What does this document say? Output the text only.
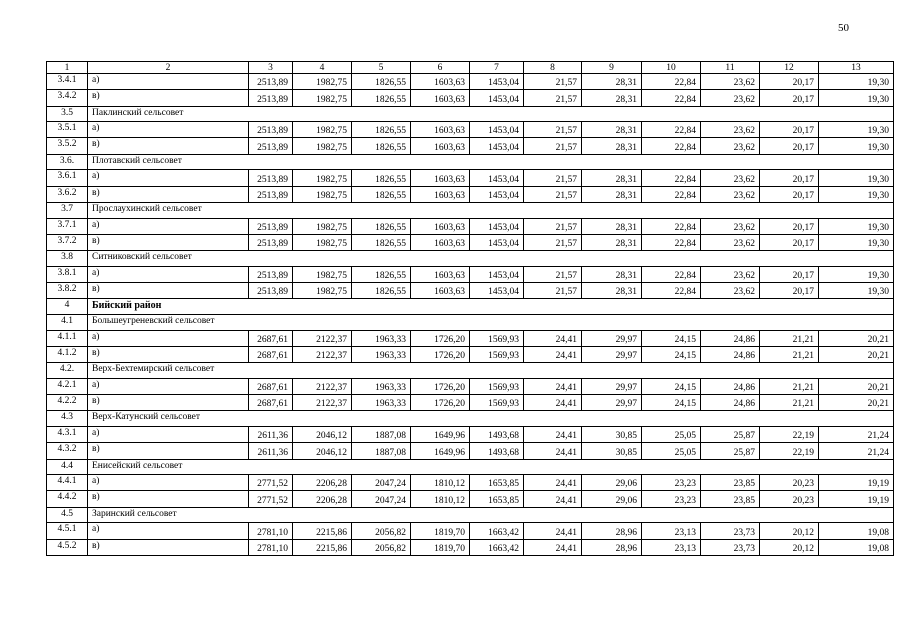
50
1	2	3	4	5	6	7	8	9	10	11	12	13
3.4.1	а)	2513,89	1982,75	1826,55	1603,63	1453,04	21,57	28,31	22,84	23,62	20,17	19,30
3.4.2	в)	2513,89	1982,75	1826,55	1603,63	1453,04	21,57	28,31	22,84	23,62	20,17	19,30
3.5	Паклинский сельсовет											
3.5.1	а)	2513,89	1982,75	1826,55	1603,63	1453,04	21,57	28,31	22,84	23,62	20,17	19,30
3.5.2	в)	2513,89	1982,75	1826,55	1603,63	1453,04	21,57	28,31	22,84	23,62	20,17	19,30
3.6.	Плотавский сельсовет											
3.6.1	а)	2513,89	1982,75	1826,55	1603,63	1453,04	21,57	28,31	22,84	23,62	20,17	19,30
3.6.2	в)	2513,89	1982,75	1826,55	1603,63	1453,04	21,57	28,31	22,84	23,62	20,17	19,30
3.7	Прослаухинский сельсовет											
3.7.1	а)	2513,89	1982,75	1826,55	1603,63	1453,04	21,57	28,31	22,84	23,62	20,17	19,30
3.7.2	в)	2513,89	1982,75	1826,55	1603,63	1453,04	21,57	28,31	22,84	23,62	20,17	19,30
3.8	Ситниковский сельсовет											
3.8.1	а)	2513,89	1982,75	1826,55	1603,63	1453,04	21,57	28,31	22,84	23,62	20,17	19,30
3.8.2	в)	2513,89	1982,75	1826,55	1603,63	1453,04	21,57	28,31	22,84	23,62	20,17	19,30
4	Бийский район											
4.1	Большеугреневский сельсовет											
4.1.1	а)	2687,61	2122,37	1963,33	1726,20	1569,93	24,41	29,97	24,15	24,86	21,21	20,21
4.1.2	в)	2687,61	2122,37	1963,33	1726,20	1569,93	24,41	29,97	24,15	24,86	21,21	20,21
4.2.	Верх-Бехтемирский сельсовет											
4.2.1	а)	2687,61	2122,37	1963,33	1726,20	1569,93	24,41	29,97	24,15	24,86	21,21	20,21
4.2.2	в)	2687,61	2122,37	1963,33	1726,20	1569,93	24,41	29,97	24,15	24,86	21,21	20,21
4.3	Верх-Катунский сельсовет											
4.3.1	а)	2611,36	2046,12	1887,08	1649,96	1493,68	24,41	30,85	25,05	25,87	22,19	21,24
4.3.2	в)	2611,36	2046,12	1887,08	1649,96	1493,68	24,41	30,85	25,05	25,87	22,19	21,24
4.4	Енисейский сельсовет											
4.4.1	а)	2771,52	2206,28	2047,24	1810,12	1653,85	24,41	29,06	23,23	23,85	20,23	19,19
4.4.2	в)	2771,52	2206,28	2047,24	1810,12	1653,85	24,41	29,06	23,23	23,85	20,23	19,19
4.5	Заринский сельсовет											
4.5.1	а)	2781,10	2215,86	2056,82	1819,70	1663,42	24,41	28,96	23,13	23,73	20,12	19,08
4.5.2	в)	2781,10	2215,86	2056,82	1819,70	1663,42	24,41	28,96	23,13	23,73	20,12	19,08
